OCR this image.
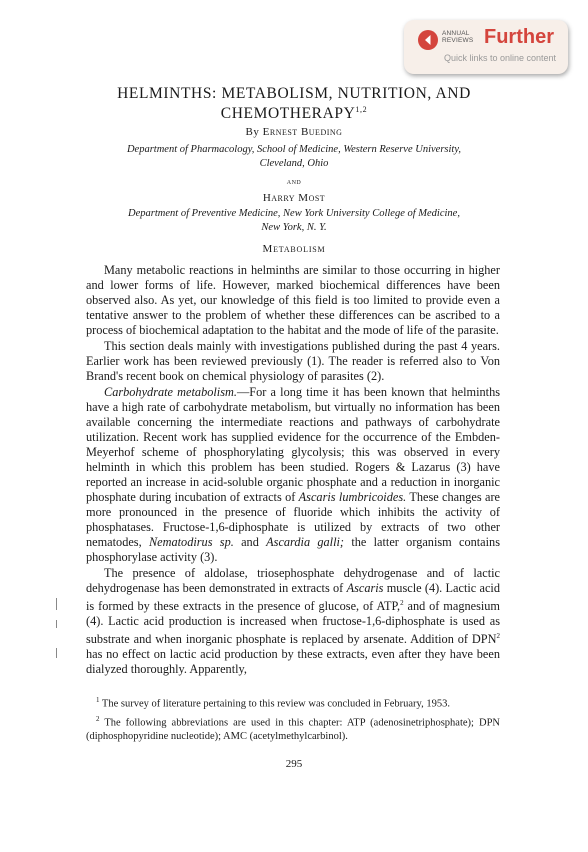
ANNUAL
REVIEWS Further
Quick links to online content
HELMINTHS: METABOLISM, NUTRITION, AND
CHEMOTHERAPY$^{1,2}$
By Ernest Bueding
Department of Pharmacology, School of Medicine, Western Reserve University,
Cleveland, Ohio
and
Harry Most
Department of Preventive Medicine, New York University College of Medicine,
New York, N. Y.
Metabolism

Many metabolic reactions in helminths are similar to those occurring in higher and lower forms of life. However, marked biochemical differences have been observed also. As yet, our knowledge of this field is too limited to provide even a tentative answer to the problem of whether these differences can be ascribed to a process of biochemical adaptation to the habitat and the mode of life of the parasite.

This section deals mainly with investigations published during the past 4 years. Earlier work has been reviewed previously (1). The reader is referred also to Von Brand's recent book on chemical physiology of parasites (2).

Carbohydrate metabolism.—For a long time it has been known that helminths have a high rate of carbohydrate metabolism, but virtually no information has been available concerning the intermediate reactions and pathways of carbohydrate utilization. Recent work has supplied evidence for the occurrence of the Embden-Meyerhof scheme of phosphorylating glycolysis; this was observed in every helminth in which this problem has been studied. Rogers & Lazarus (3) have reported an increase in acid-soluble organic phosphate and a reduction in inorganic phosphate during incubation of extracts of Ascaris lumbricoides. These changes are more pronounced in the presence of fluoride which inhibits the activity of phosphatases. Fructose-1,6-diphosphate is utilized by extracts of two other nematodes, Nematodirus sp. and Ascardia galli; the latter organism contains phosphorylase activity (3).

The presence of aldolase, triosephosphate dehydrogenase and of lactic dehydrogenase has been demonstrated in extracts of Ascaris muscle (4). Lactic acid is formed by these extracts in the presence of glucose, of ATP,$^2$ and of magnesium (4). Lactic acid production is increased when fructose-1,6-diphosphate is used as substrate and when inorganic phosphate is replaced by arsenate. Addition of DPN$^2$ has no effect on lactic acid production by these extracts, even after they have been dialyzed thoroughly. Apparently,

$^1$ The survey of literature pertaining to this review was concluded in February, 1953.

$^2$ The following abbreviations are used in this chapter: ATP (adenosinetriphosphate); DPN (diphosphopyridine nucleotide); AMC (acetylmethylcarbinol).

295
